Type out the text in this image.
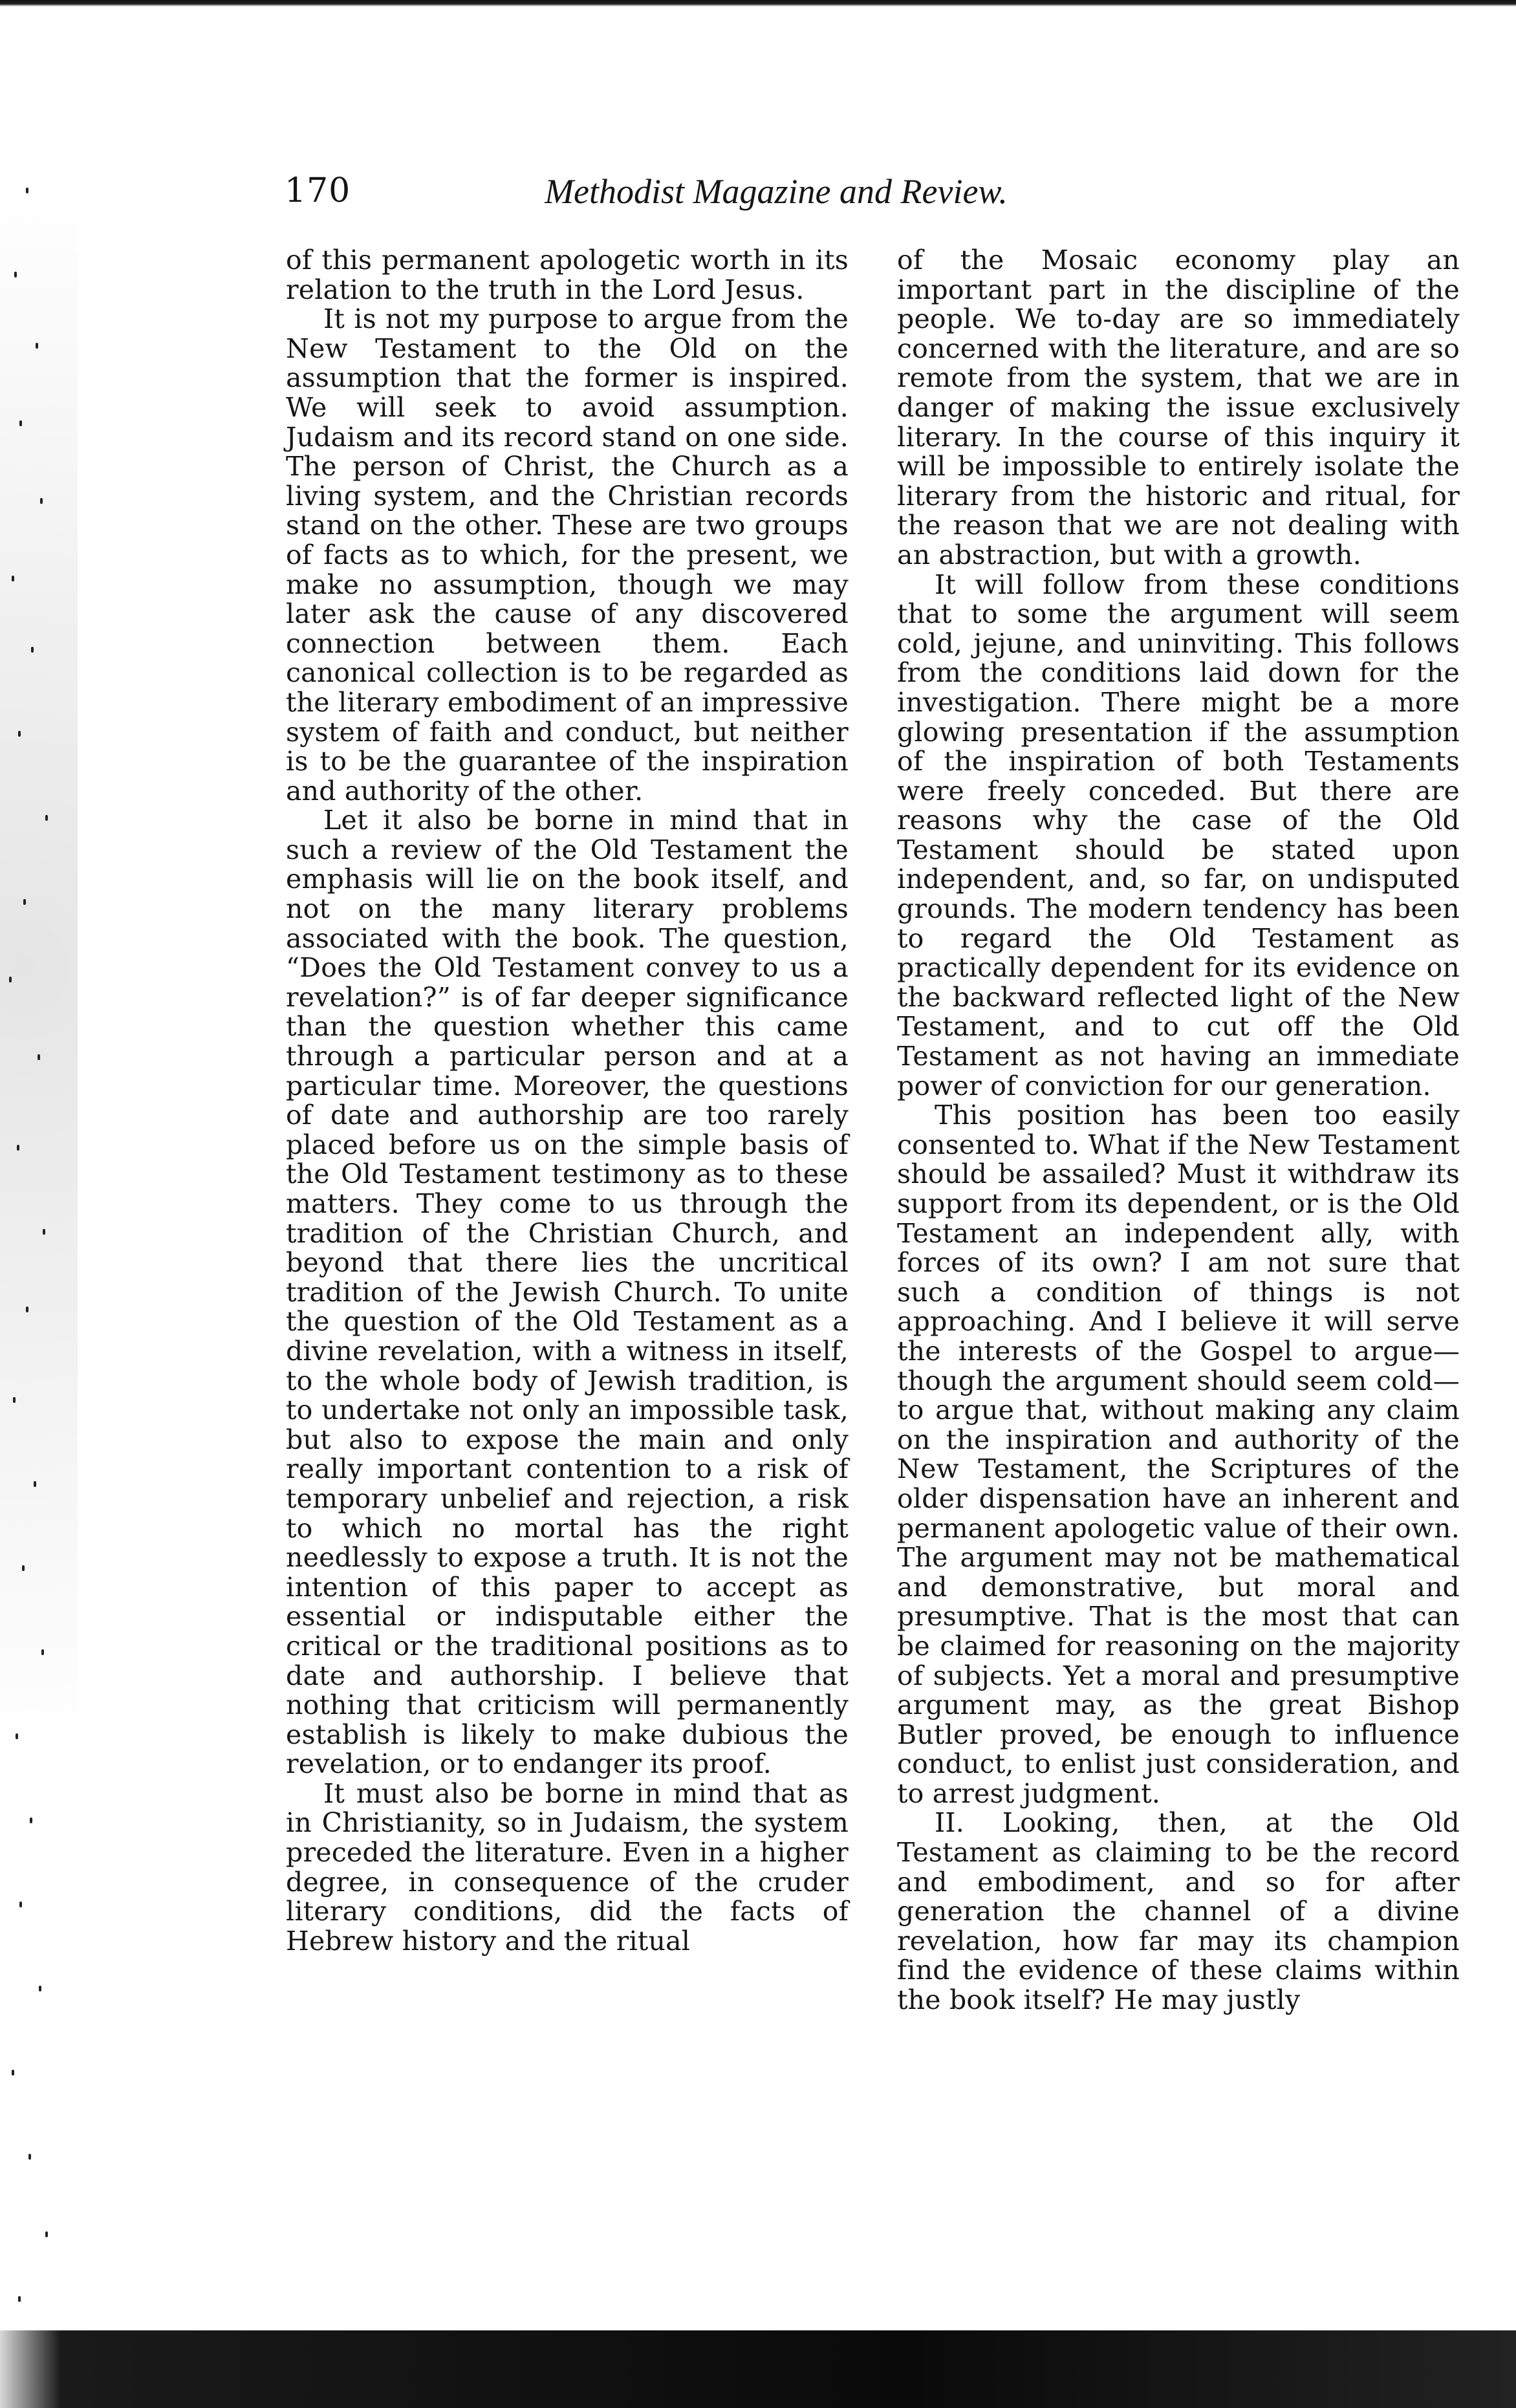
170	Methodist Magazine and Review.

of this permanent apologetic worth in its relation to the truth in the Lord Jesus.

It is not my purpose to argue from the New Testament to the Old on the assumption that the former is inspired. We will seek to avoid assumption. Judaism and its record stand on one side. The person of Christ, the Church as a living system, and the Christian records stand on the other. These are two groups of facts as to which, for the present, we make no assumption, though we may later ask the cause of any discovered connection between them. Each canonical collection is to be regarded as the literary embodiment of an impressive system of faith and conduct, but neither is to be the guarantee of the inspiration and authority of the other.

Let it also be borne in mind that in such a review of the Old Testament the emphasis will lie on the book itself, and not on the many literary problems associated with the book. The question, “Does the Old Testament convey to us a revelation?” is of far deeper significance than the question whether this came through a particular person and at a particular time. Moreover, the questions of date and authorship are too rarely placed before us on the simple basis of the Old Testament testimony as to these matters. They come to us through the tradition of the Christian Church, and beyond that there lies the uncritical tradition of the Jewish Church. To unite the question of the Old Testament as a divine revelation, with a witness in itself, to the whole body of Jewish tradition, is to undertake not only an impossible task, but also to expose the main and only really important contention to a risk of temporary unbelief and rejection, a risk to which no mortal has the right needlessly to expose a truth. It is not the intention of this paper to accept as essential or indisputable either the critical or the traditional positions as to date and authorship. I believe that nothing that criticism will permanently establish is likely to make dubious the revelation, or to endanger its proof.

It must also be borne in mind that as in Christianity, so in Judaism, the system preceded the literature. Even in a higher degree, in consequence of the cruder literary conditions, did the facts of Hebrew history and the ritual

of the Mosaic economy play an important part in the discipline of the people. We to-day are so immediately concerned with the literature, and are so remote from the system, that we are in danger of making the issue exclusively literary. In the course of this inquiry it will be impossible to entirely isolate the literary from the historic and ritual, for the reason that we are not dealing with an abstraction, but with a growth.

It will follow from these conditions that to some the argument will seem cold, jejune, and uninviting. This follows from the conditions laid down for the investigation. There might be a more glowing presentation if the assumption of the inspiration of both Testaments were freely conceded. But there are reasons why the case of the Old Testament should be stated upon independent, and, so far, on undisputed grounds. The modern tendency has been to regard the Old Testament as practically dependent for its evidence on the backward reflected light of the New Testament, and to cut off the Old Testament as not having an immediate power of conviction for our generation.

This position has been too easily consented to. What if the New Testament should be assailed? Must it withdraw its support from its dependent, or is the Old Testament an independent ally, with forces of its own? I am not sure that such a condition of things is not approaching. And I believe it will serve the interests of the Gospel to argue—though the argument should seem cold—to argue that, without making any claim on the inspiration and authority of the New Testament, the Scriptures of the older dispensation have an inherent and permanent apologetic value of their own. The argument may not be mathematical and demonstrative, but moral and presumptive. That is the most that can be claimed for reasoning on the majority of subjects. Yet a moral and presumptive argument may, as the great Bishop Butler proved, be enough to influence conduct, to enlist just consideration, and to arrest judgment.

II. Looking, then, at the Old Testament as claiming to be the record and embodiment, and so for after generation the channel of a divine revelation, how far may its champion find the evidence of these claims within the book itself? He may justly
